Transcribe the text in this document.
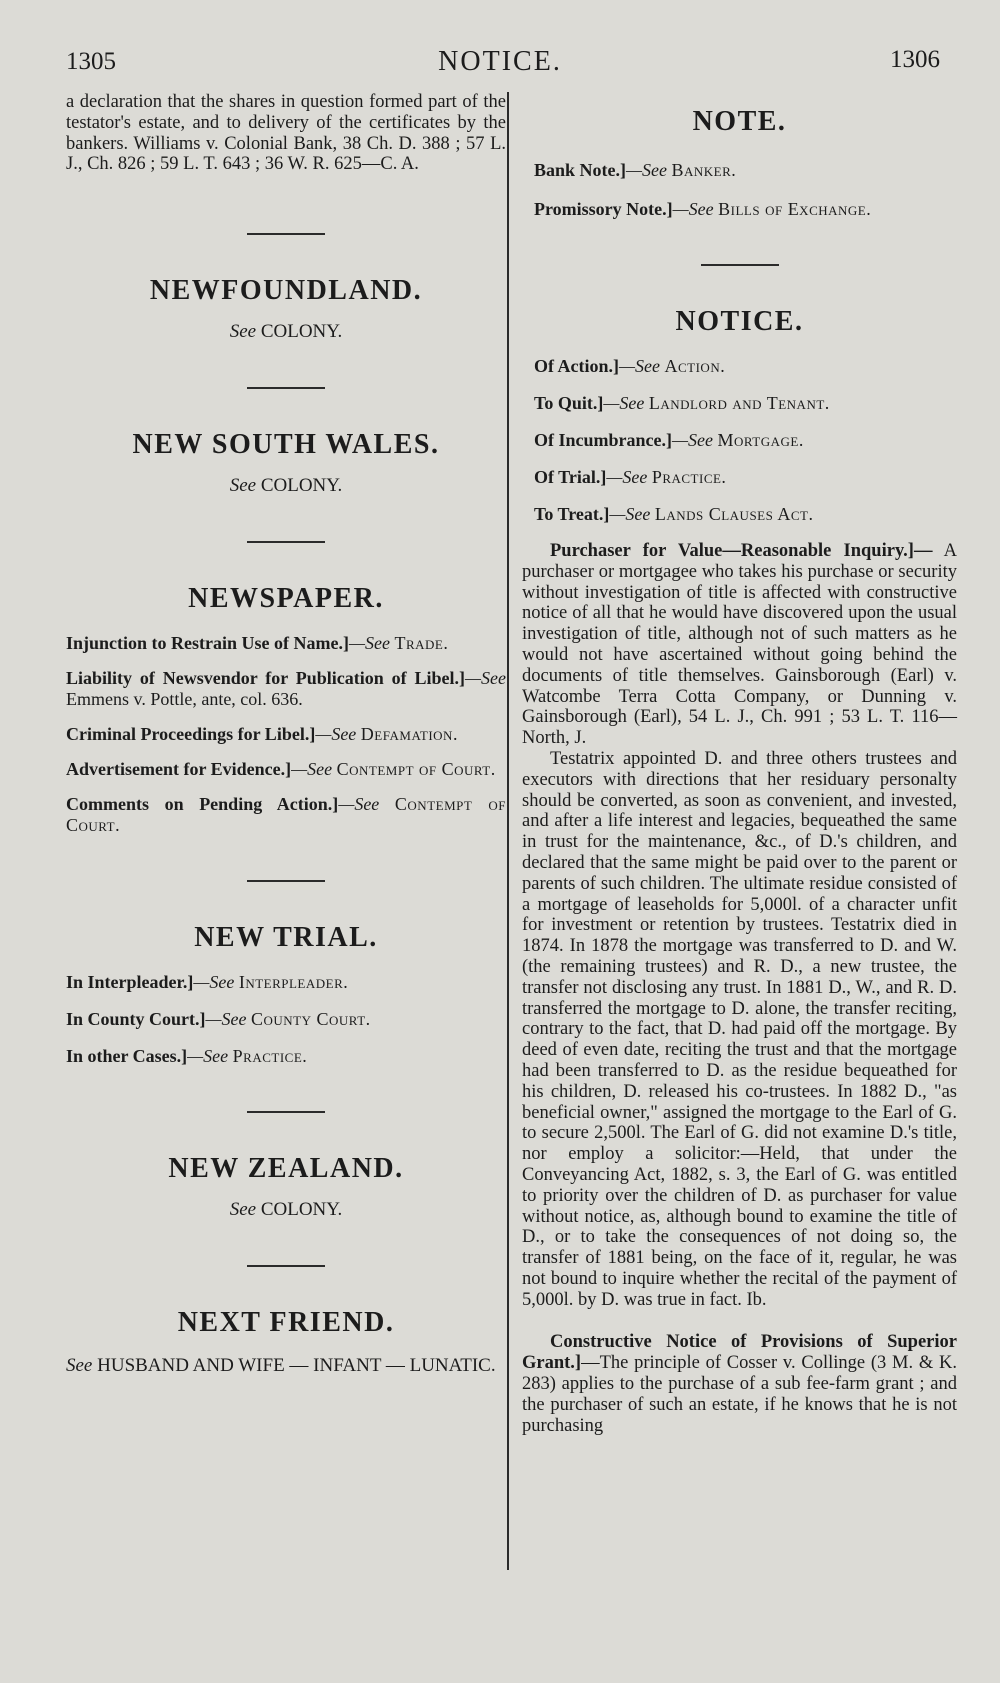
1305	NOTICE.	1306

a declaration that the shares in question formed part of the testator's estate, and to delivery of the certificates by the bankers. Williams v. Colonial Bank, 38 Ch. D. 388 ; 57 L. J., Ch. 826 ; 59 L. T. 643 ; 36 W. R. 625—C. A.

NEWFOUNDLAND.

See COLONY.

NEW SOUTH WALES.

See COLONY.

NEWSPAPER.

Injunction to Restrain Use of Name.]—See Trade.

Liability of Newsvendor for Publication of Libel.]—See Emmens v. Pottle, ante, col. 636.

Criminal Proceedings for Libel.]—See Defamation.

Advertisement for Evidence.]—See Contempt of Court.

Comments on Pending Action.]—See Contempt of Court.

NEW TRIAL.

In Interpleader.]—See Interpleader.

In County Court.]—See County Court.

In other Cases.]—See Practice.

NEW ZEALAND.

See COLONY.

NEXT FRIEND.

See HUSBAND AND WIFE — INFANT — LUNATIC.

NOTE.

Bank Note.]—See Banker.

Promissory Note.]—See Bills of Exchange.

NOTICE.

Of Action.]—See Action.

To Quit.]—See Landlord and Tenant.

Of Incumbrance.]—See Mortgage.

Of Trial.]—See Practice.

To Treat.]—See Lands Clauses Act.

Purchaser for Value—Reasonable Inquiry.]— A purchaser or mortgagee who takes his purchase or security without investigation of title is affected with constructive notice of all that he would have discovered upon the usual investigation of title, although not of such matters as he would not have ascertained without going behind the documents of title themselves. Gainsborough (Earl) v. Watcombe Terra Cotta Company, or Dunning v. Gainsborough (Earl), 54 L. J., Ch. 991 ; 53 L. T. 116—North, J.

Testatrix appointed D. and three others trustees and executors with directions that her residuary personalty should be converted, as soon as convenient, and invested, and after a life interest and legacies, bequeathed the same in trust for the maintenance, &c., of D.'s children, and declared that the same might be paid over to the parent or parents of such children. The ultimate residue consisted of a mortgage of leaseholds for 5,000l. of a character unfit for investment or retention by trustees. Testatrix died in 1874. In 1878 the mortgage was transferred to D. and W. (the remaining trustees) and R. D., a new trustee, the transfer not disclosing any trust. In 1881 D., W., and R. D. transferred the mortgage to D. alone, the transfer reciting, contrary to the fact, that D. had paid off the mortgage. By deed of even date, reciting the trust and that the mortgage had been transferred to D. as the residue bequeathed for his children, D. released his co-trustees. In 1882 D., "as beneficial owner," assigned the mortgage to the Earl of G. to secure 2,500l. The Earl of G. did not examine D.'s title, nor employ a solicitor:—Held, that under the Conveyancing Act, 1882, s. 3, the Earl of G. was entitled to priority over the children of D. as purchaser for value without notice, as, although bound to examine the title of D., or to take the consequences of not doing so, the transfer of 1881 being, on the face of it, regular, he was not bound to inquire whether the recital of the payment of 5,000l. by D. was true in fact. Ib.

Constructive Notice of Provisions of Superior Grant.]—The principle of Cosser v. Collinge (3 M. & K. 283) applies to the purchase of a sub fee-farm grant ; and the purchaser of such an estate, if he knows that he is not purchasing
